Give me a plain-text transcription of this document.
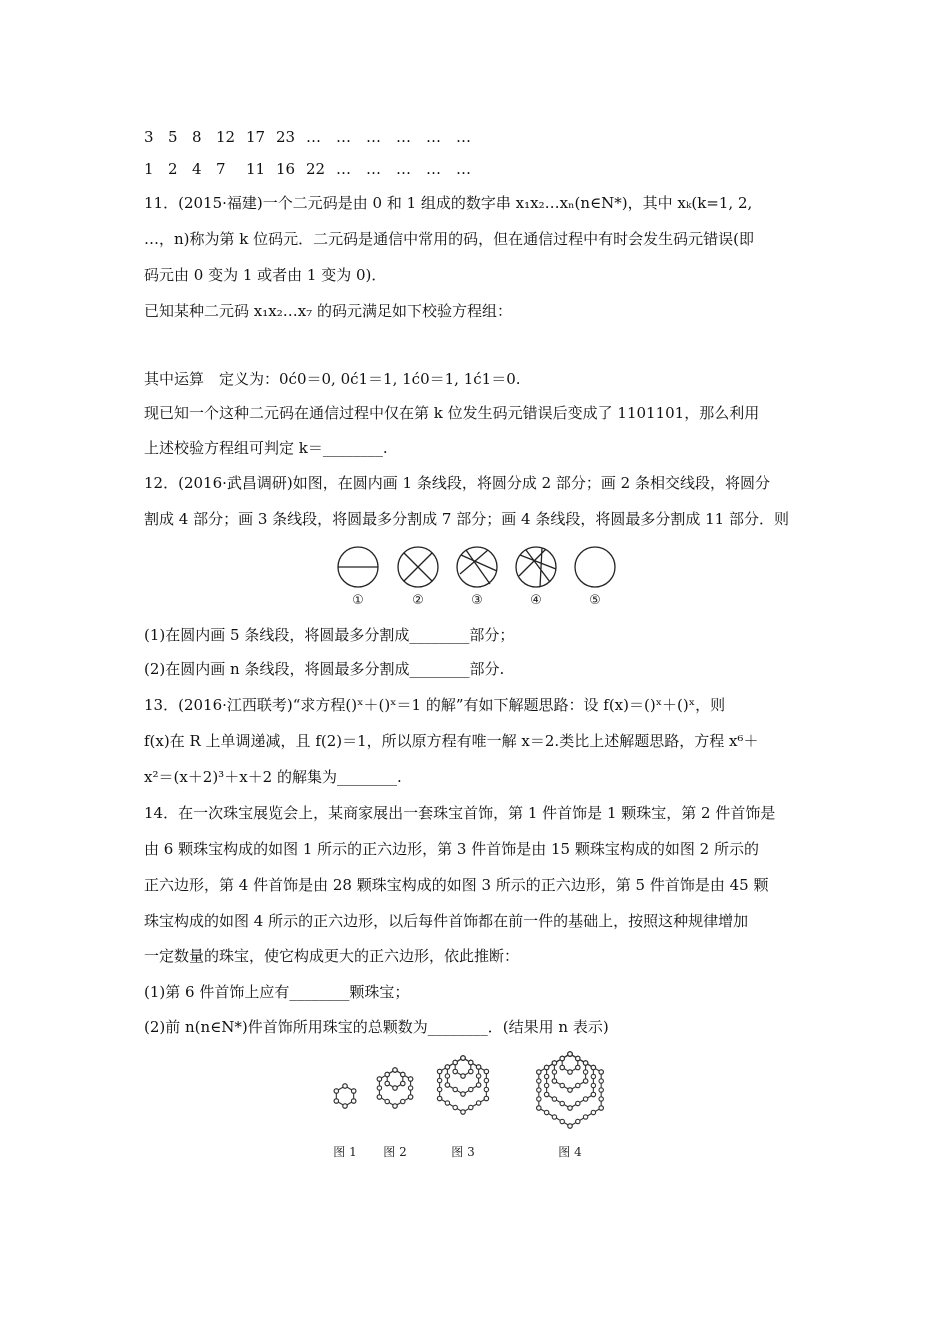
3 5 8 12 17 23 … … … … … …
1 2 4 7 11 16 22 … … … … …
11．(2015·福建)一个二元码是由 0 和 1 组成的数字串 x₁x₂…xₙ(n∈N*)，其中 xₖ(k=1, 2,
…，n)称为第 k 位码元．二元码是通信中常用的码，但在通信过程中有时会发生码元错误(即
码元由 0 变为 1 或者由 1 变为 0)．
已知某种二元码 x₁x₂…x₇ 的码元满足如下校验方程组：
其中运算　定义为：0ć0＝0, 0ć1＝1, 1ć0＝1, 1ć1＝0.
现已知一个这种二元码在通信过程中仅在第 k 位发生码元错误后变成了 1101101，那么利用
上述校验方程组可判定 k＝________.
12．(2016·武昌调研)如图，在圆内画 1 条线段，将圆分成 2 部分；画 2 条相交线段，将圆分
割成 4 部分；画 3 条线段，将圆最多分割成 7 部分；画 4 条线段，将圆最多分割成 11 部分．则
①	②	③	④	⑤
(1)在圆内画 5 条线段，将圆最多分割成________部分；
(2)在圆内画 n 条线段，将圆最多分割成________部分.
13．(2016·江西联考)“求方程()ˣ＋()ˣ＝1 的解”有如下解题思路：设 f(x)＝()ˣ＋()ˣ，则
f(x)在 R 上单调递减，且 f(2)＝1，所以原方程有唯一解 x＝2.类比上述解题思路，方程 x⁶＋
x²＝(x＋2)³＋x＋2 的解集为________.
14．在一次珠宝展览会上，某商家展出一套珠宝首饰，第 1 件首饰是 1 颗珠宝，第 2 件首饰是
由 6 颗珠宝构成的如图 1 所示的正六边形，第 3 件首饰是由 15 颗珠宝构成的如图 2 所示的
正六边形，第 4 件首饰是由 28 颗珠宝构成的如图 3 所示的正六边形，第 5 件首饰是由 45 颗
珠宝构成的如图 4 所示的正六边形，以后每件首饰都在前一件的基础上，按照这种规律增加
一定数量的珠宝，使它构成更大的正六边形，依此推断：
(1)第 6 件首饰上应有________颗珠宝；
(2)前 n(n∈N*)件首饰所用珠宝的总颗数为________．(结果用 n 表示)
图 1 图 2	图 3	图 4
